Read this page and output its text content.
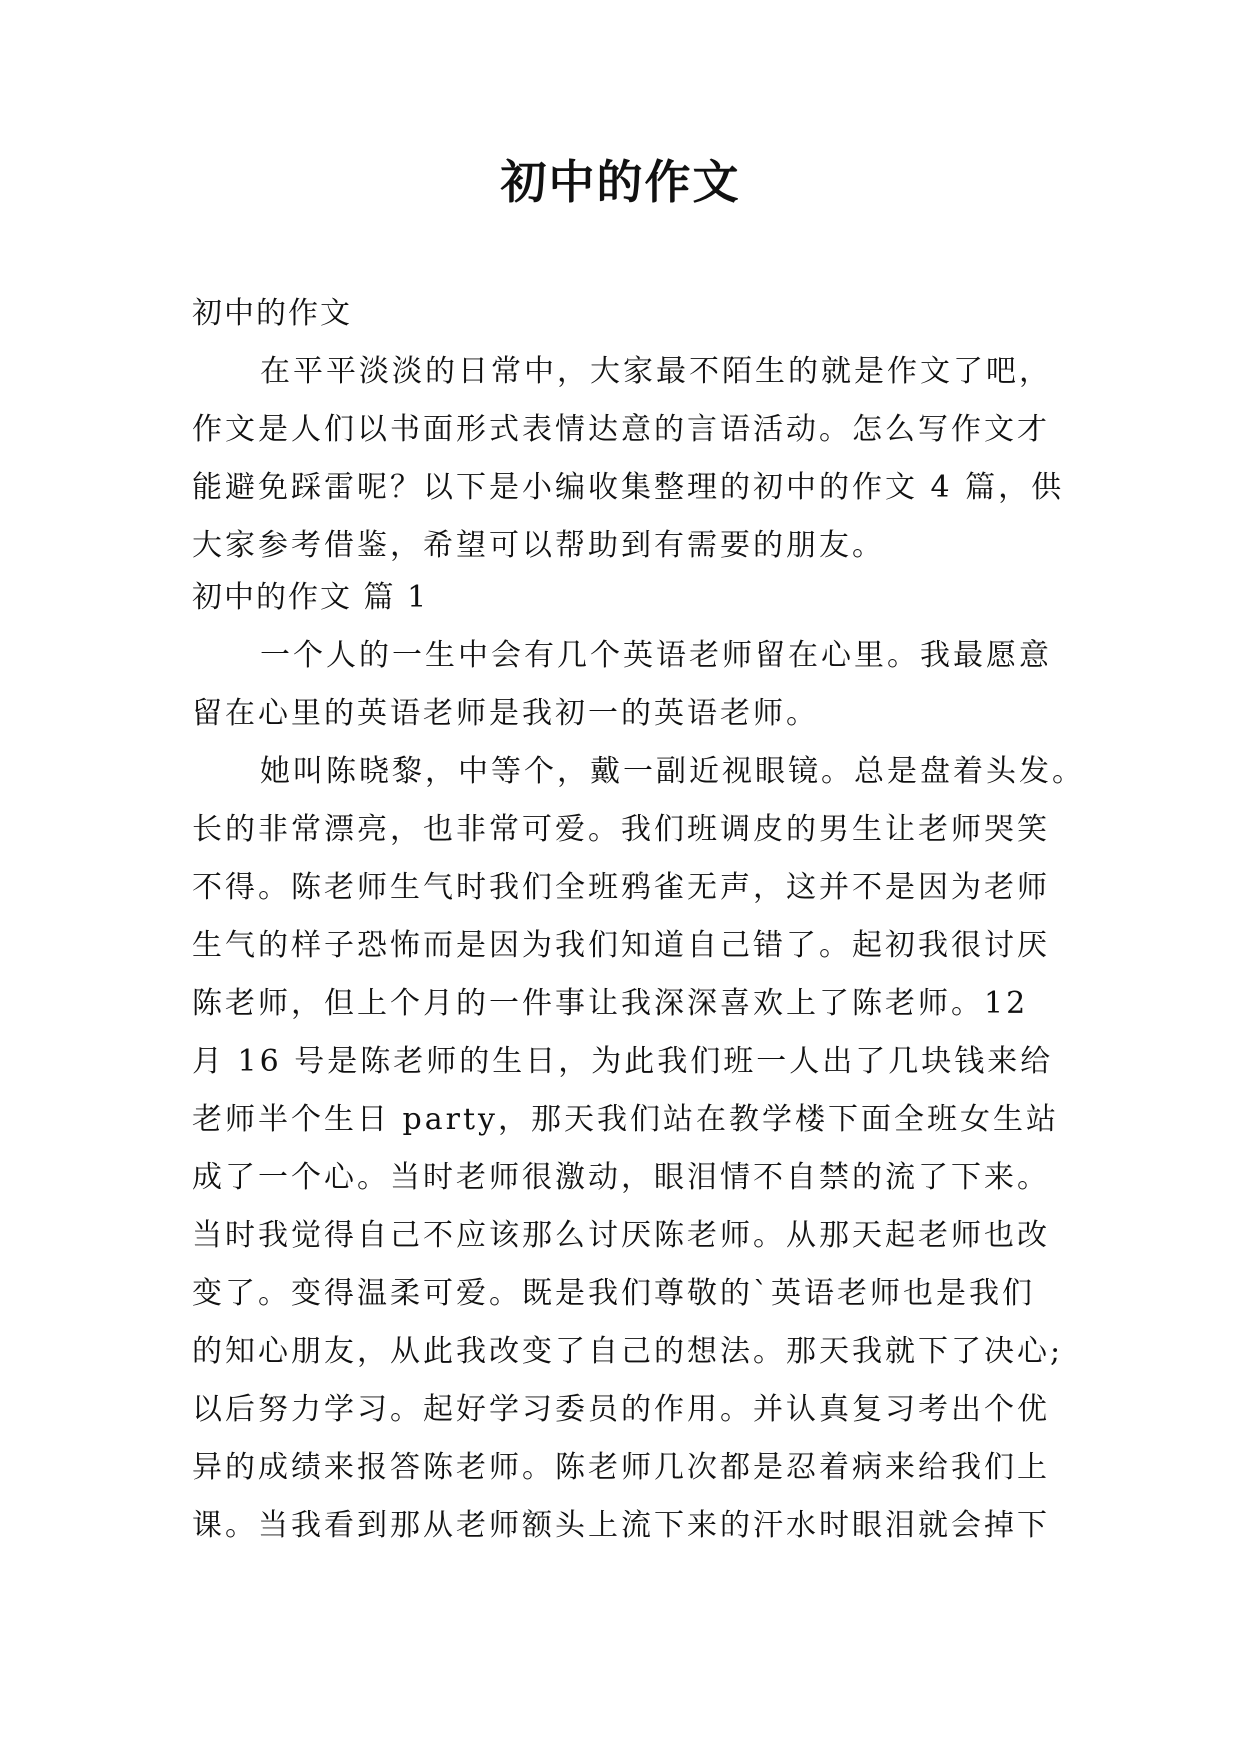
初中的作文
初中的作文
在平平淡淡的日常中，大家最不陌生的就是作文了吧，
作文是人们以书面形式表情达意的言语活动。怎么写作文才
能避免踩雷呢？以下是小编收集整理的初中的作文 4 篇，供
大家参考借鉴，希望可以帮助到有需要的朋友。
初中的作文 篇 1
一个人的一生中会有几个英语老师留在心里。我最愿意
留在心里的英语老师是我初一的英语老师。
她叫陈晓黎，中等个，戴一副近视眼镜。总是盘着头发。
长的非常漂亮，也非常可爱。我们班调皮的男生让老师哭笑
不得。陈老师生气时我们全班鸦雀无声，这并不是因为老师
生气的样子恐怖而是因为我们知道自己错了。起初我很讨厌
陈老师，但上个月的一件事让我深深喜欢上了陈老师。12
月 16 号是陈老师的生日，为此我们班一人出了几块钱来给
老师半个生日 party，那天我们站在教学楼下面全班女生站
成了一个心。当时老师很激动，眼泪情不自禁的流了下来。
当时我觉得自己不应该那么讨厌陈老师。从那天起老师也改
变了。变得温柔可爱。既是我们尊敬的`英语老师也是我们
的知心朋友，从此我改变了自己的想法。那天我就下了决心;
以后努力学习。起好学习委员的作用。并认真复习考出个优
异的成绩来报答陈老师。陈老师几次都是忍着病来给我们上
课。当我看到那从老师额头上流下来的汗水时眼泪就会掉下
